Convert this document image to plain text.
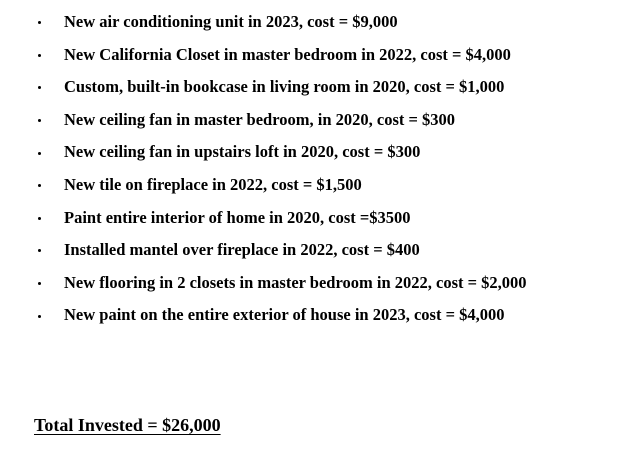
New air conditioning unit in 2023, cost = $9,000
New California Closet in master bedroom in 2022, cost = $4,000
Custom, built-in bookcase in living room in 2020, cost = $1,000
New ceiling fan in master bedroom, in 2020, cost = $300
New ceiling fan in upstairs loft in 2020, cost = $300
New tile on fireplace in 2022, cost = $1,500
Paint entire interior of home in 2020, cost =$3500
Installed mantel over fireplace in 2022, cost = $400
New flooring in 2 closets in master bedroom in 2022, cost = $2,000
New paint on the entire exterior of house in 2023, cost = $4,000
Total Invested = $26,000
